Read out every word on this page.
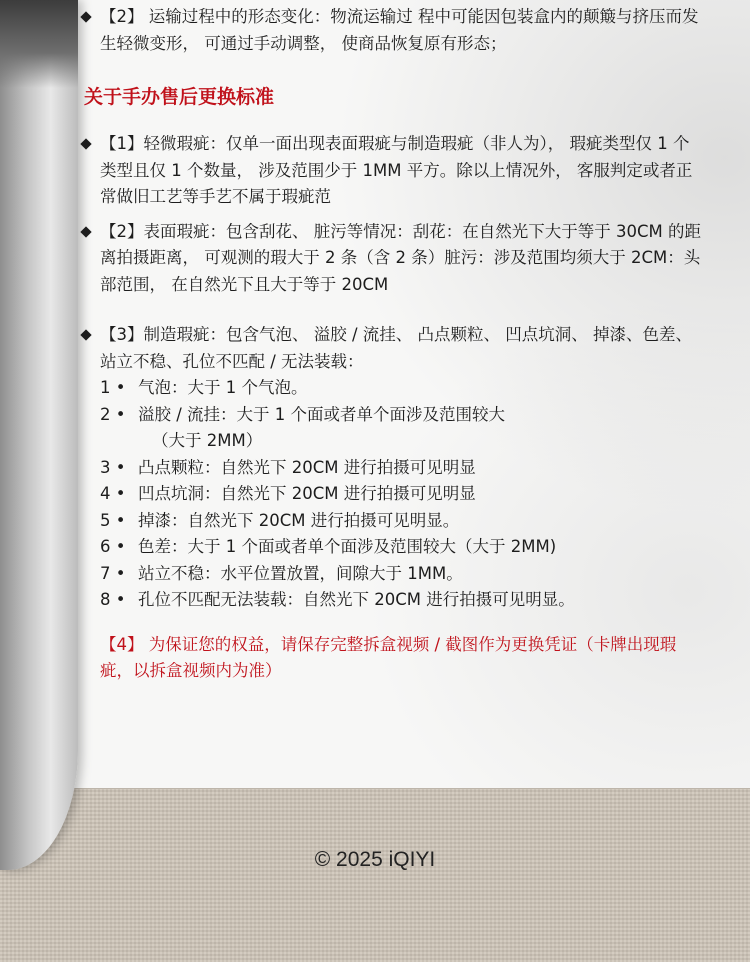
【2】 运输过程中的形态变化：物流运输过 程中可能因包装盒内的颠簸与挤压而发生轻微变形， 可通过手动调整， 使商品恢复原有形态；
关于手办售后更换标准
【1】轻微瑕疵：仅单一面出现表面瑕疵与制造瑕疵（非人为）， 瑕疵类型仅 1 个类型且仅 1 个数量， 涉及范围少于 1MM 平方。除以上情况外， 客服判定或者正常做旧工艺等手艺不属于瑕疵范
【2】表面瑕疵：包含刮花、 脏污等情况：刮花：在自然光下大于等于 30CM 的距离拍摄距离， 可观测的瑕大于 2 条（含 2 条）脏污：涉及范围均须大于 2CM：头部范围， 在自然光下且大于等于 20CM
【3】制造瑕疵：包含气泡、 溢胶 / 流挂、 凸点颗粒、 凹点坑洞、 掉漆、色差、站立不稳、孔位不匹配 / 无法装载：
1 • 气泡：大于 1 个气泡。
2 • 溢胶 / 流挂：大于 1 个面或者单个面涉及范围较大
（大于 2MM）
3 • 凸点颗粒：自然光下 20CM 进行拍摄可见明显
4 • 凹点坑洞：自然光下 20CM 进行拍摄可见明显
5 • 掉漆：自然光下 20CM 进行拍摄可见明显。
6 • 色差：大于 1 个面或者单个面涉及范围较大（大于 2MM)
7 • 站立不稳：水平位置放置，间隙大于 1MM。
8 • 孔位不匹配无法装载：自然光下 20CM 进行拍摄可见明显。
【4】 为保证您的权益，请保存完整拆盒视频 / 截图作为更换凭证（卡牌出现瑕疵，以拆盒视频内为准）
© 2025 iQIYI
